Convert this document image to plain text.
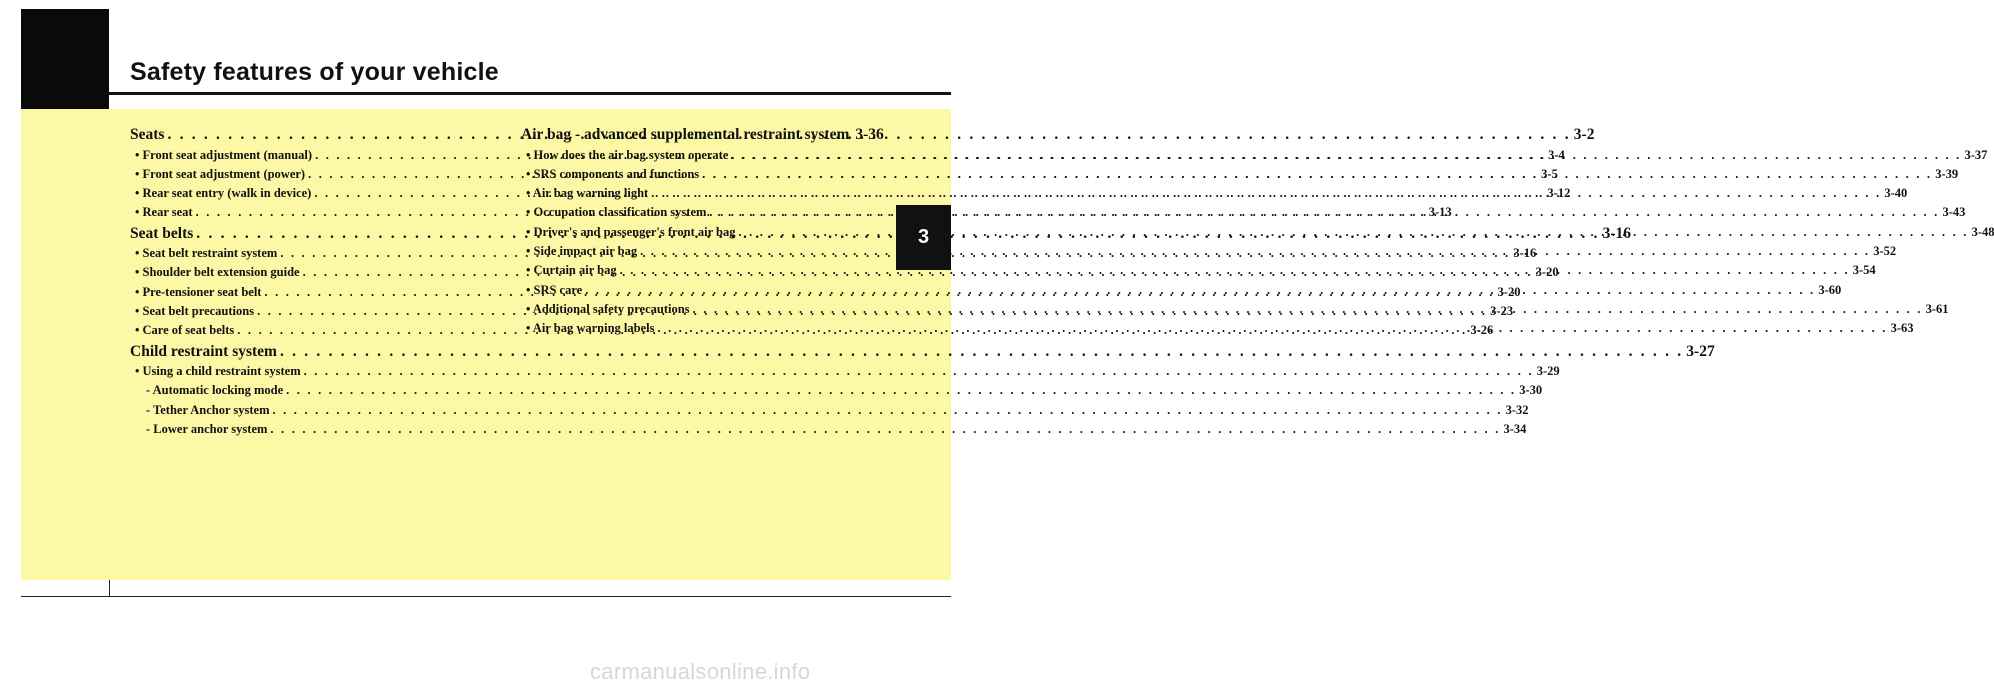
Safety features of your vehicle
Seats . . .	3-2
• Front seat adjustment (manual) . . .	3-4
• Front seat adjustment (power) . . .	3-5
• Rear seat entry (walk in device) . . .	3-12
• Rear seat . . .	3-13
Seat belts . . .	3-16
• Seat belt restraint system . . .	3-16
• Shoulder belt extension guide . . .	3-20
• Pre-tensioner seat belt . . .	3-20
• Seat belt precautions . . .	3-23
• Care of seat belts . . .	3-26
Child restraint system . . .	3-27
• Using a child restraint system . . .	3-29
- Automatic locking mode . . .	3-30
- Tether Anchor system . . .	3-32
- Lower anchor system . . .	3-34
Air bag - advanced supplemental restraint system 3-36
• How does the air bag system operate . . .	3-37
• SRS components and functions . . .	3-39
• Air bag warning light . . .	3-40
• Occupation classification system . . .	3-43
• Driver's and passenger's front air bag . . .	3-48
• Side impact air bag . . .	3-52
• Curtain air bag . . .	3-54
• SRS care . . .	3-60
• Additional safety precautions . . .	3-61
• Air bag warning labels . . .	3-63
3

carmanualsonline.info
